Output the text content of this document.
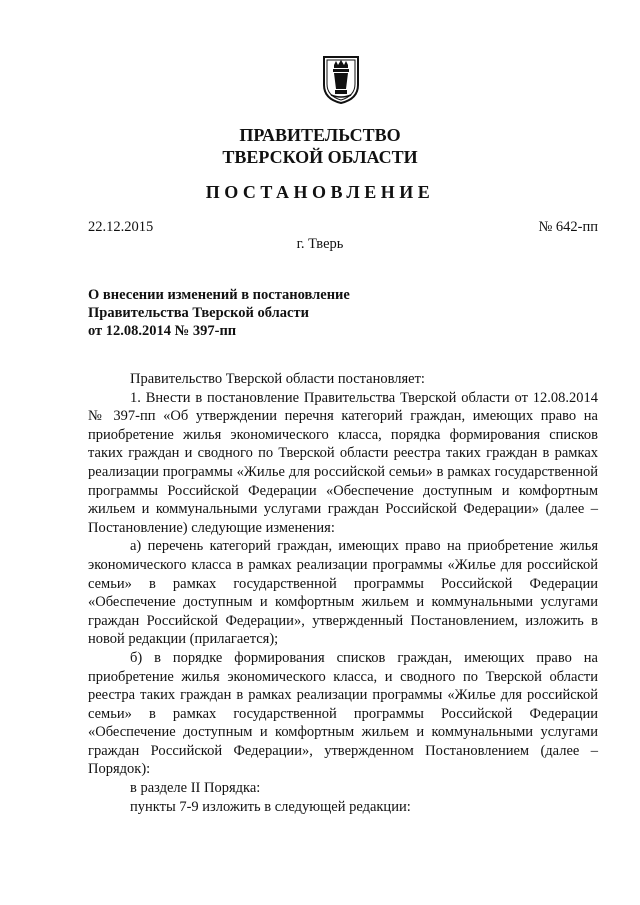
ПРАВИТЕЛЬСТВО
ТВЕРСКОЙ ОБЛАСТИ
ПОСТАНОВЛЕНИЕ
22.12.2015	№ 642-пп
г. Тверь
О внесении изменений в постановление
Правительства Тверской области
от 12.08.2014 № 397-пп

Правительство Тверской области постановляет:

1. Внести в постановление Правительства Тверской области от 12.08.2014 № 397-пп «Об утверждении перечня категорий граждан, имеющих право на приобретение жилья экономического класса, порядка формирования списков таких граждан и сводного по Тверской области реестра таких граждан в рамках реализации программы «Жилье для российской семьи» в рамках государственной программы Российской Федерации «Обеспечение доступным и комфортным жильем и коммунальными услугами граждан Российской Федерации» (далее – Постановление) следующие изменения:

а) перечень категорий граждан, имеющих право на приобретение жилья экономического класса в рамках реализации программы «Жилье для российской семьи» в рамках государственной программы Российской Федерации «Обеспечение доступным и комфортным жильем и коммунальными услугами граждан Российской Федерации», утвержденный Постановлением, изложить в новой редакции (прилагается);

б) в порядке формирования списков граждан, имеющих право на приобретение жилья экономического класса, и сводного по Тверской области реестра таких граждан в рамках реализации программы «Жилье для российской семьи» в рамках государственной программы Российской Федерации «Обеспечение доступным и комфортным жильем и коммунальными услугами граждан Российской Федерации», утвержденном Постановлением (далее – Порядок):

в разделе II Порядка:

пункты 7-9 изложить в следующей редакции:
